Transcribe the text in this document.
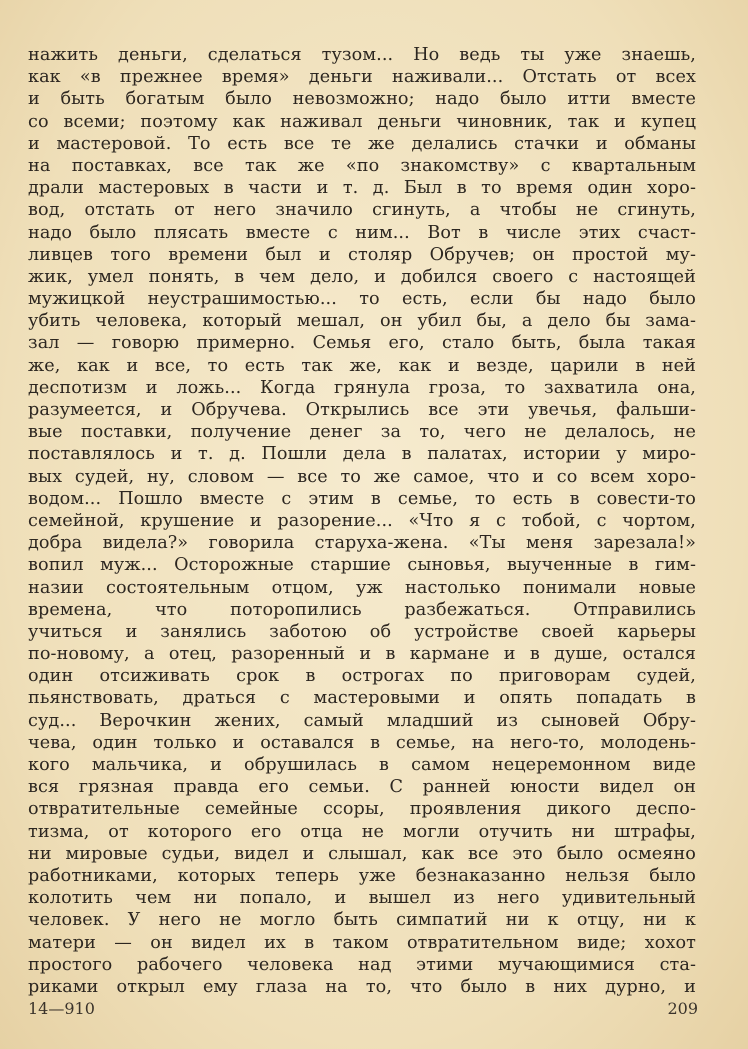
нажить деньги, сделаться тузом... Но ведь ты уже знаешь,
как «в прежнее время» деньги наживали... Отстать от всех
и быть богатым было невозможно; надо было итти вместе
со всеми; поэтому как наживал деньги чиновник, так и купец
и мастеровой. То есть все те же делались стачки и обманы
на поставках, все так же «по знакомству» с квартальным
драли мастеровых в части и т. д. Был в то время один хоро-
вод, отстать от него значило сгинуть, а чтобы не сгинуть,
надо было плясать вместе с ним... Вот в числе этих счаст-
ливцев того времени был и столяр Обручев; он простой му-
жик, умел понять, в чем дело, и добился своего с настоящей
мужицкой неустрашимостью... то есть, если бы надо было
убить человека, который мешал, он убил бы, а дело бы зама-
зал — говорю примерно. Семья его, стало быть, была такая
же, как и все, то есть так же, как и везде, царили в ней
деспотизм и ложь... Когда грянула гроза, то захватила она,
разумеется, и Обручева. Открылись все эти увечья, фальши-
вые поставки, получение денег за то, чего не делалось, не
поставлялось и т. д. Пошли дела в палатах, истории у миро-
вых судей, ну, словом — все то же самое, что и со всем хоро-
водом... Пошло вместе с этим в семье, то есть в совести-то
семейной, крушение и разорение... «Что я с тобой, с чортом,
добра видела?» говорила старуха-жена. «Ты меня зарезала!»
вопил муж... Осторожные старшие сыновья, выученные в гим-
назии состоятельным отцом, уж настолько понимали новые
времена, что поторопились разбежаться. Отправились
учиться и занялись заботою об устройстве своей карьеры
по-новому, а отец, разоренный и в кармане и в душе, остался
один отсиживать срок в острогах по приговорам судей,
пьянствовать, драться с мастеровыми и опять попадать в
суд... Верочкин жених, самый младший из сыновей Обру-
чева, один только и оставался в семье, на него-то, молодень-
кого мальчика, и обрушилась в самом нецеремонном виде
вся грязная правда его семьи. С ранней юности видел он
отвратительные семейные ссоры, проявления дикого деспо-
тизма, от которого его отца не могли отучить ни штрафы,
ни мировые судьи, видел и слышал, как все это было осмеяно
работниками, которых теперь уже безнаказанно нельзя было
колотить чем ни попало, и вышел из него удивительный
человек. У него не могло быть симпатий ни к отцу, ни к
матери — он видел их в таком отвратительном виде; хохот
простого рабочего человека над этими мучающимися ста-
риками открыл ему глаза на то, что было в них дурно, и
14—910	209
